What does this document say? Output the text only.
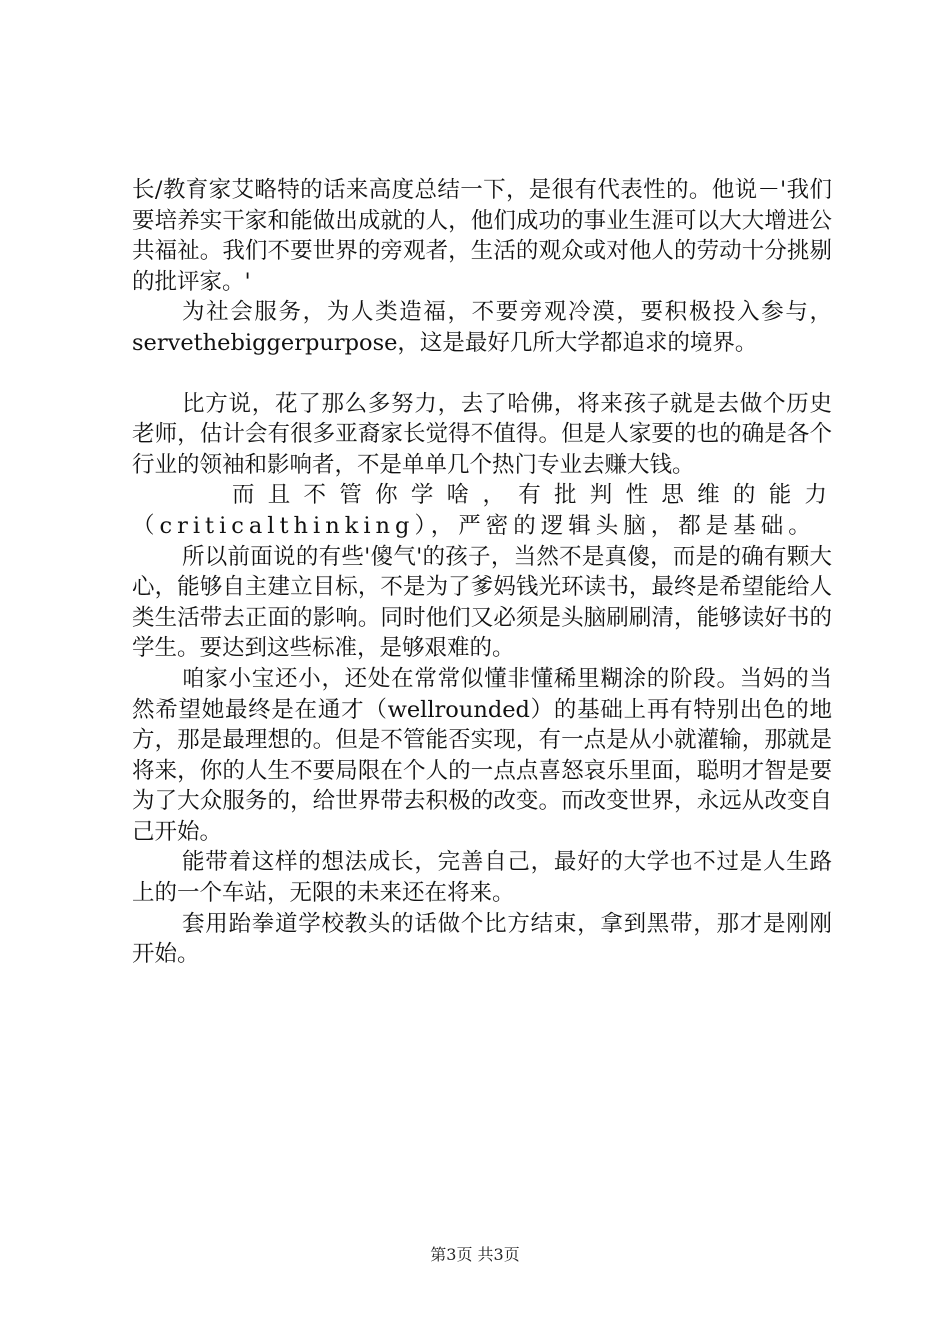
长/教育家艾略特的话来高度总结一下，是很有代表性的。他说－'我们要培养实干家和能做出成就的人，他们成功的事业生涯可以大大增进公共福祉。我们不要世界的旁观者，生活的观众或对他人的劳动十分挑剔的批评家。'

为社会服务，为人类造福，不要旁观冷漠，要积极投入参与，servethebiggerpurpose，这是最好几所大学都追求的境界。

比方说，花了那么多努力，去了哈佛，将来孩子就是去做个历史老师，估计会有很多亚裔家长觉得不值得。但是人家要的也的确是各个行业的领袖和影响者，不是单单几个热门专业去赚大钱。

而且不管你学啥，有批判性思维的能力（criticalthinking），严密的逻辑头脑，都是基础。

所以前面说的有些'傻气'的孩子，当然不是真傻，而是的确有颗大心，能够自主建立目标，不是为了爹妈钱光环读书，最终是希望能给人类生活带去正面的影响。同时他们又必须是头脑刷刷清，能够读好书的学生。要达到这些标准，是够艰难的。

咱家小宝还小，还处在常常似懂非懂稀里糊涂的阶段。当妈的当然希望她最终是在通才（wellrounded）的基础上再有特别出色的地方，那是最理想的。但是不管能否实现，有一点是从小就灌输，那就是将来，你的人生不要局限在个人的一点点喜怒哀乐里面，聪明才智是要为了大众服务的，给世界带去积极的改变。而改变世界，永远从改变自己开始。

能带着这样的想法成长，完善自己，最好的大学也不过是人生路上的一个车站，无限的未来还在将来。

套用跆拳道学校教头的话做个比方结束，拿到黑带，那才是刚刚开始。

第3页 共3页
